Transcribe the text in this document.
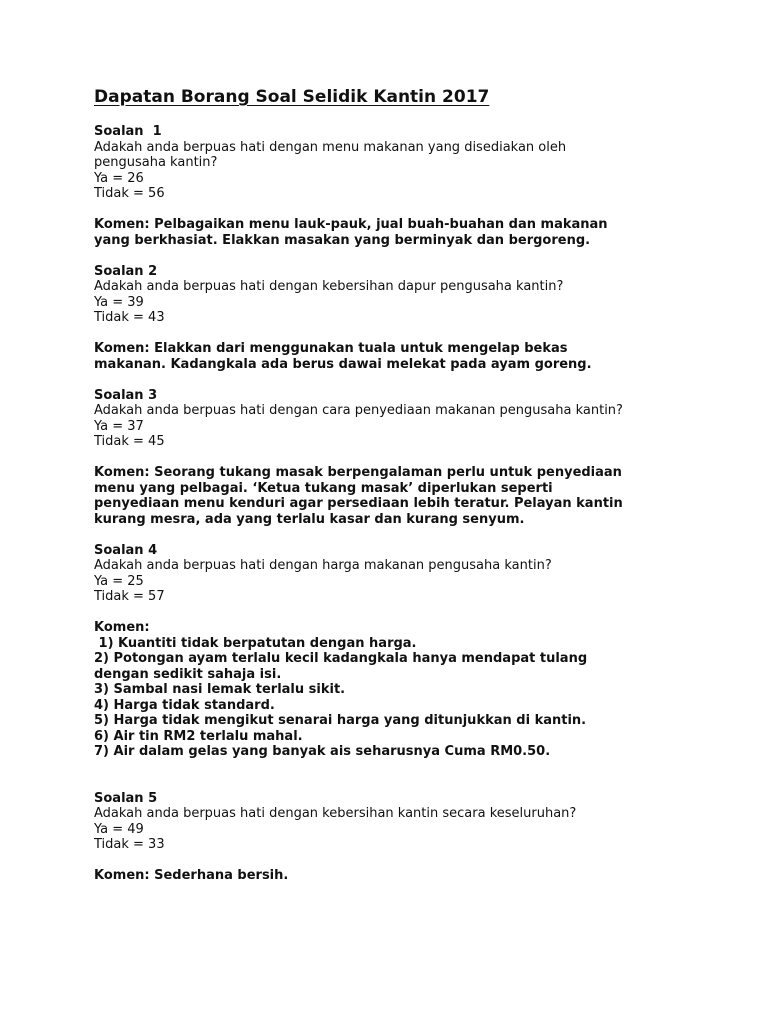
Dapatan Borang Soal Selidik Kantin 2017
Soalan  1
Adakah anda berpuas hati dengan menu makanan yang disediakan oleh
pengusaha kantin?
Ya = 26
Tidak = 56
Komen: Pelbagaikan menu lauk-pauk, jual buah-buahan dan makanan
yang berkhasiat. Elakkan masakan yang berminyak dan bergoreng.
Soalan 2
Adakah anda berpuas hati dengan kebersihan dapur pengusaha kantin?
Ya = 39
Tidak = 43
Komen: Elakkan dari menggunakan tuala untuk mengelap bekas
makanan. Kadangkala ada berus dawai melekat pada ayam goreng.
Soalan 3
Adakah anda berpuas hati dengan cara penyediaan makanan pengusaha kantin?
Ya = 37
Tidak = 45
Komen: Seorang tukang masak berpengalaman perlu untuk penyediaan
menu yang pelbagai. ‘Ketua tukang masak’ diperlukan seperti
penyediaan menu kenduri agar persediaan lebih teratur. Pelayan kantin
kurang mesra, ada yang terlalu kasar dan kurang senyum.
Soalan 4
Adakah anda berpuas hati dengan harga makanan pengusaha kantin?
Ya = 25
Tidak = 57
Komen:
1) Kuantiti tidak berpatutan dengan harga.
2) Potongan ayam terlalu kecil kadangkala hanya mendapat tulang
dengan sedikit sahaja isi.
3) Sambal nasi lemak terlalu sikit.
4) Harga tidak standard.
5) Harga tidak mengikut senarai harga yang ditunjukkan di kantin.
6) Air tin RM2 terlalu mahal.
7) Air dalam gelas yang banyak ais seharusnya Cuma RM0.50.
Soalan 5
Adakah anda berpuas hati dengan kebersihan kantin secara keseluruhan?
Ya = 49
Tidak = 33
Komen: Sederhana bersih.
